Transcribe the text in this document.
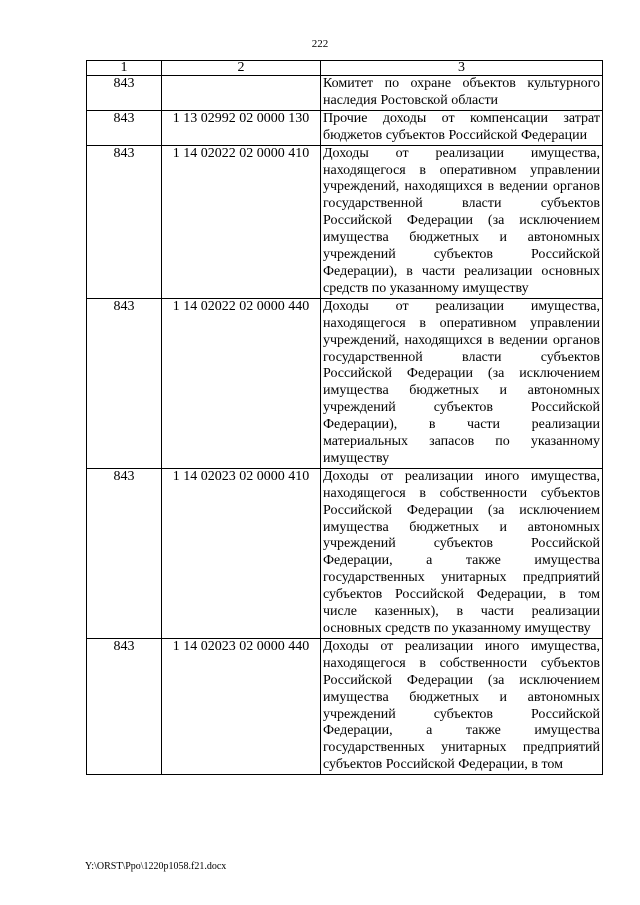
222
1	2	3
843		Комитет по охране объектов культурного наследия Ростовской области
843	1 13 02992 02 0000 130	Прочие доходы от компенсации затрат бюджетов субъектов Российской Федерации
843	1 14 02022 02 0000 410	Доходы от реализации имущества, находящегося в оперативном управлении учреждений, находящихся в ведении органов государственной власти субъектов Российской Федерации (за исключением имущества бюджетных и автономных учреждений субъектов Российской Федерации), в части реализации основных средств по указанному имуществу
843	1 14 02022 02 0000 440	Доходы от реализации имущества, находящегося в оперативном управлении учреждений, находящихся в ведении органов государственной власти субъектов Российской Федерации (за исключением имущества бюджетных и автономных учреждений субъектов Российской Федерации), в части реализации материальных запасов по указанному имуществу
843	1 14 02023 02 0000 410	Доходы от реализации иного имущества, находящегося в собственности субъектов Российской Федерации (за исключением имущества бюджетных и автономных учреждений субъектов Российской Федерации, а также имущества государственных унитарных предприятий субъектов Российской Федерации, в том числе казенных), в части реализации основных средств по указанному имуществу
843	1 14 02023 02 0000 440	Доходы от реализации иного имущества, находящегося в собственности субъектов Российской Федерации (за исключением имущества бюджетных и автономных учреждений субъектов Российской Федерации, а также имущества государственных унитарных предприятий субъектов Российской Федерации, в том
Y:\ORST\Ppo\1220p1058.f21.docx
